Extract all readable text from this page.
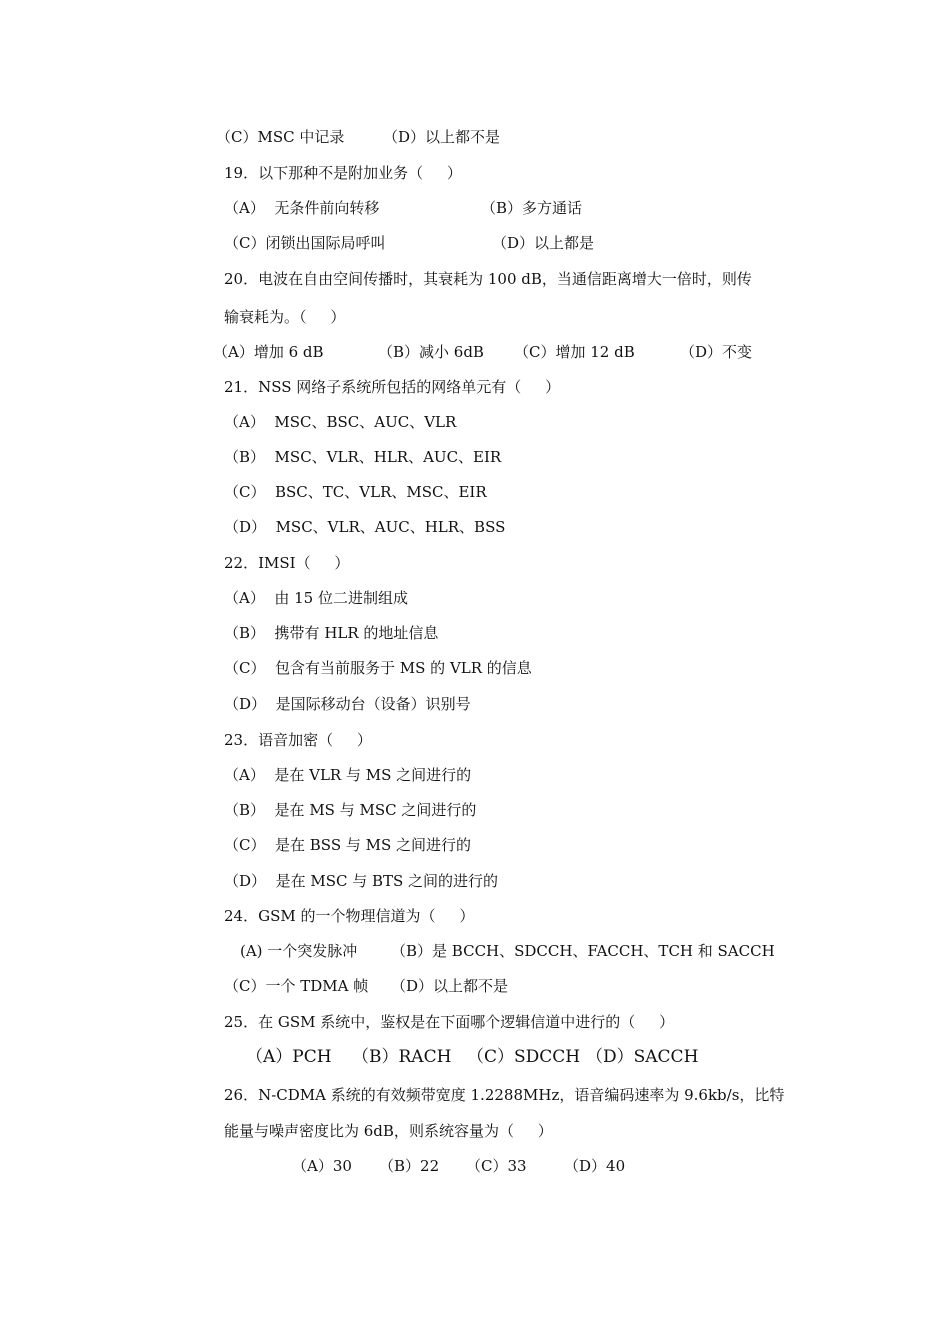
（C）MSC 中记录	（D）以上都不是
19．以下那种不是附加业务（     ）
（A）  无条件前向转移	（B）多方通话
（C）闭锁出国际局呼叫	（D）以上都是
20．电波在自由空间传播时，其衰耗为 100 dB，当通信距离增大一倍时，则传
输衰耗为。（     ）
（A）增加 6 dB	（B）减小 6dB （C）增加 12 dB	（D）不变
21．NSS 网络子系统所包括的网络单元有（     ）
（A）  MSC、BSC、AUC、VLR
（B）  MSC、VLR、HLR、AUC、EIR
（C）  BSC、TC、VLR、MSC、EIR
（D）  MSC、VLR、AUC、HLR、BSS
22．IMSI（     ）
（A）  由 15 位二进制组成
（B）  携带有 HLR 的地址信息
（C）  包含有当前服务于 MS 的 VLR 的信息
（D）  是国际移动台（设备）识别号
23．语音加密（     ）
（A）  是在 VLR 与 MS 之间进行的
（B）  是在 MS 与 MSC 之间进行的
（C）  是在 BSS 与 MS 之间进行的
（D）  是在 MSC 与 BTS 之间的进行的
24．GSM 的一个物理信道为（     ）
(A) 一个突发脉冲 （B）是 BCCH、SDCCH、FACCH、TCH 和 SACCH
（C）一个 TDMA 帧 （D）以上都不是
25．在 GSM 系统中，鉴权是在下面哪个逻辑信道中进行的（     ）
（A）PCH （B）RACH （C）SDCCH （D）SACCH
26．N-CDMA 系统的有效频带宽度 1.2288MHz，语音编码速率为 9.6kb/s，比特
能量与噪声密度比为 6dB，则系统容量为（     ）
（A）30 （B）22 （C）33 （D）40
